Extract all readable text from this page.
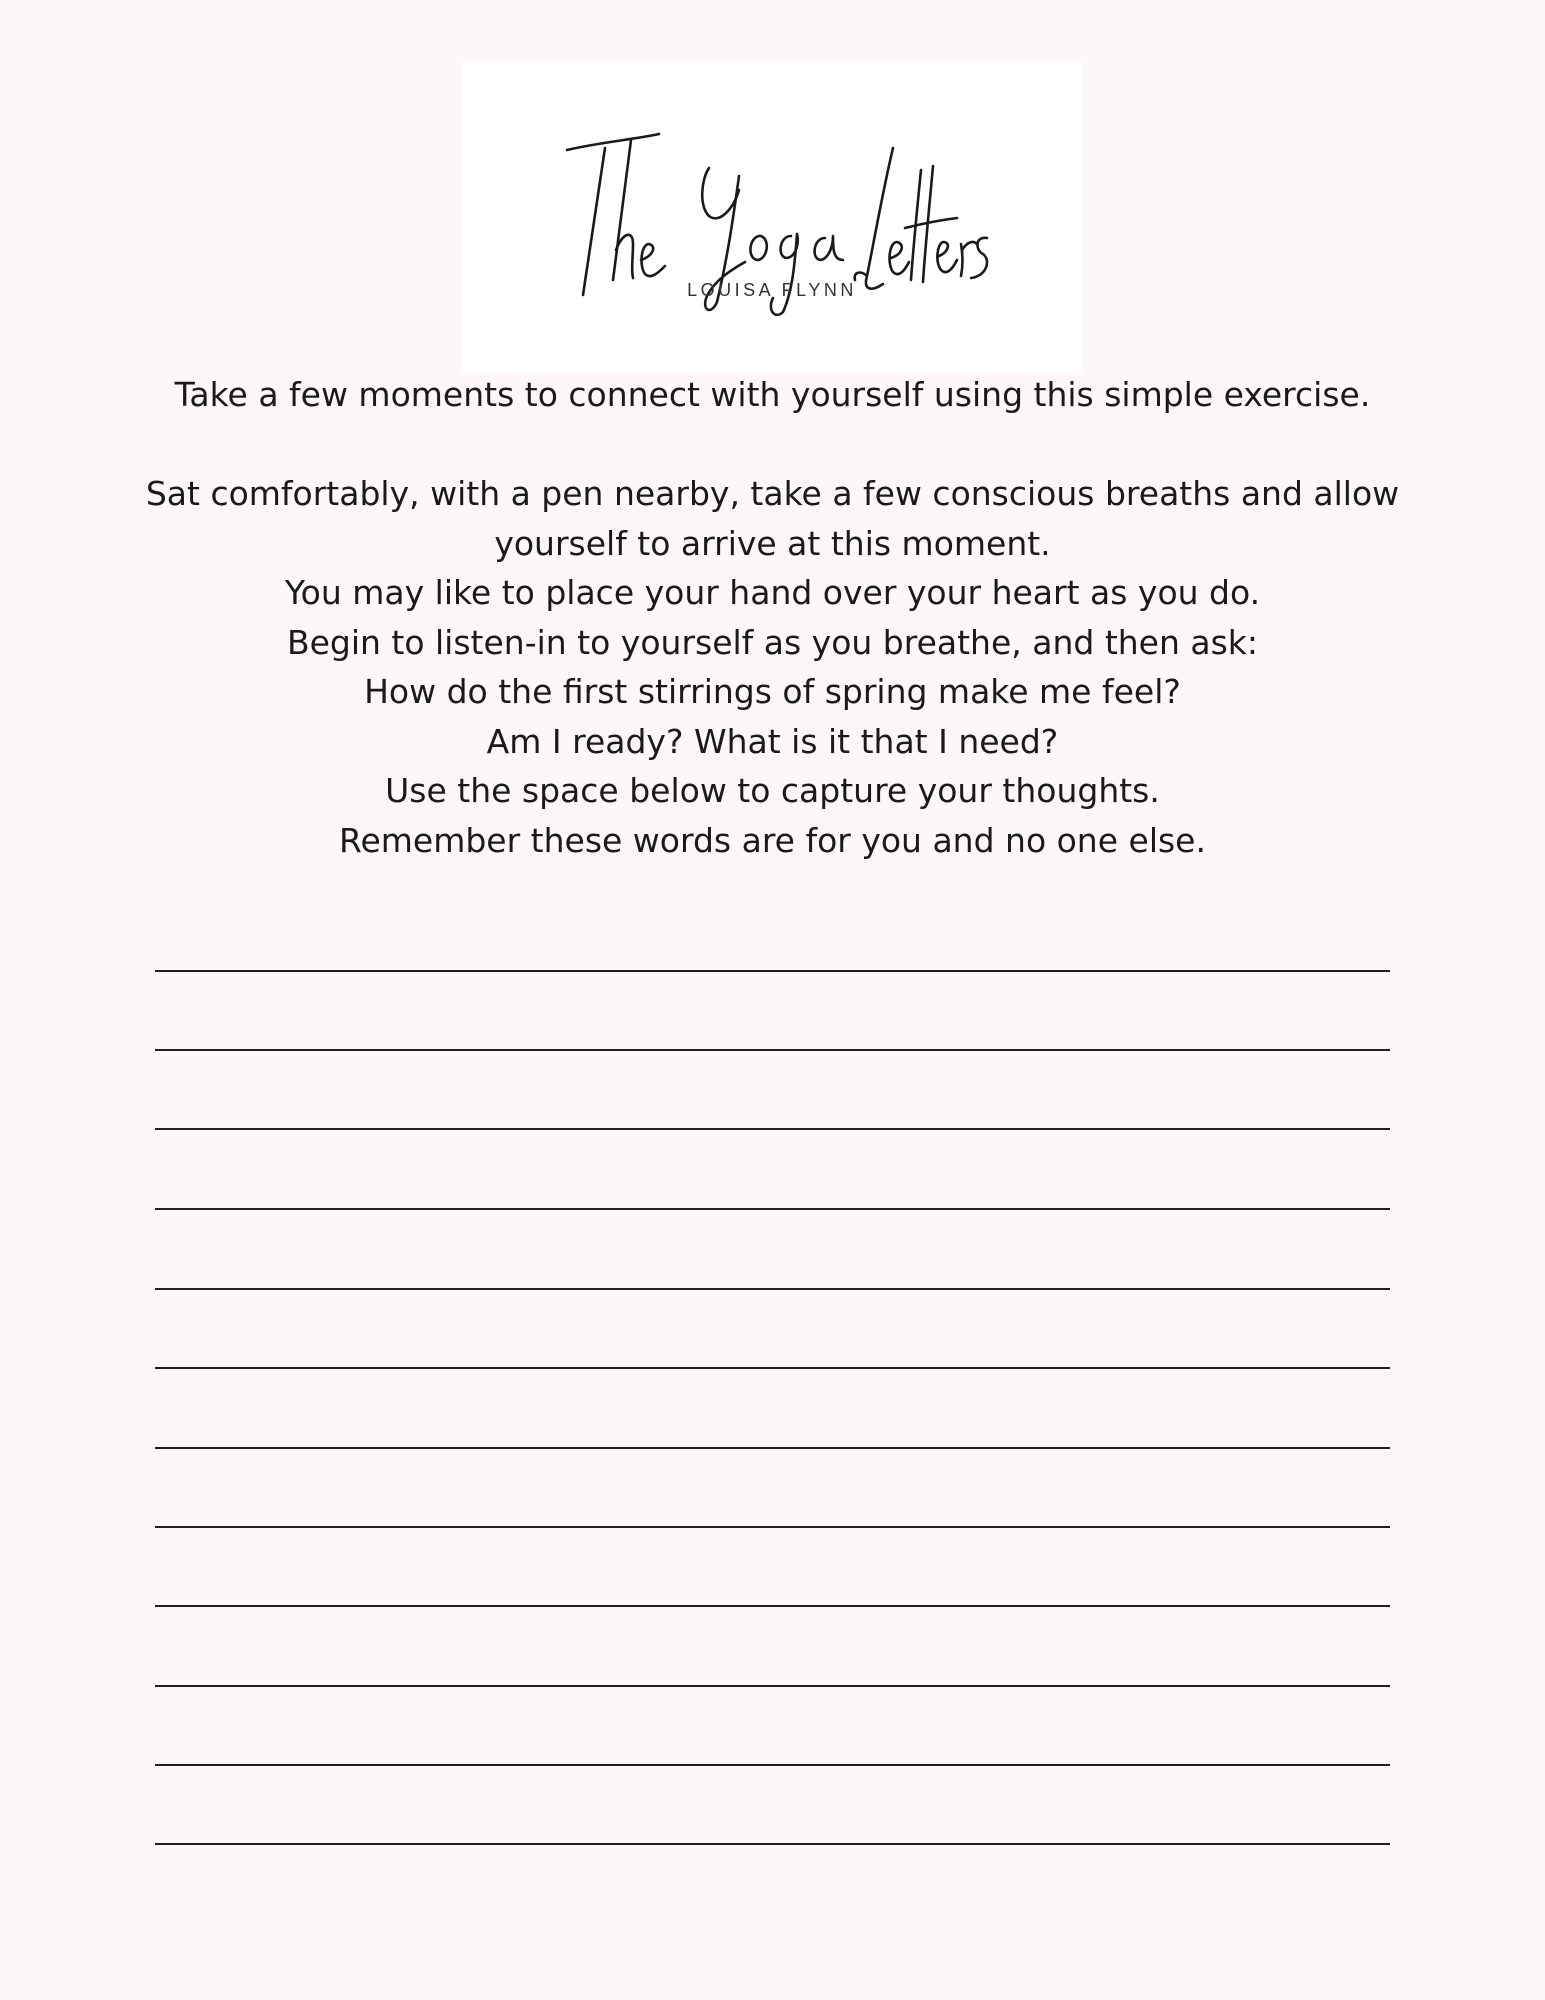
LOUISA FLYNN

Take a few moments to connect with yourself using this simple exercise.

Sat comfortably, with a pen nearby, take a few conscious breaths and allow
yourself to arrive at this moment.
You may like to place your hand over your heart as you do.
Begin to listen-in to yourself as you breathe, and then ask:
How do the first stirrings of spring make me feel?
Am I ready? What is it that I need?
Use the space below to capture your thoughts.
Remember these words are for you and no one else.
